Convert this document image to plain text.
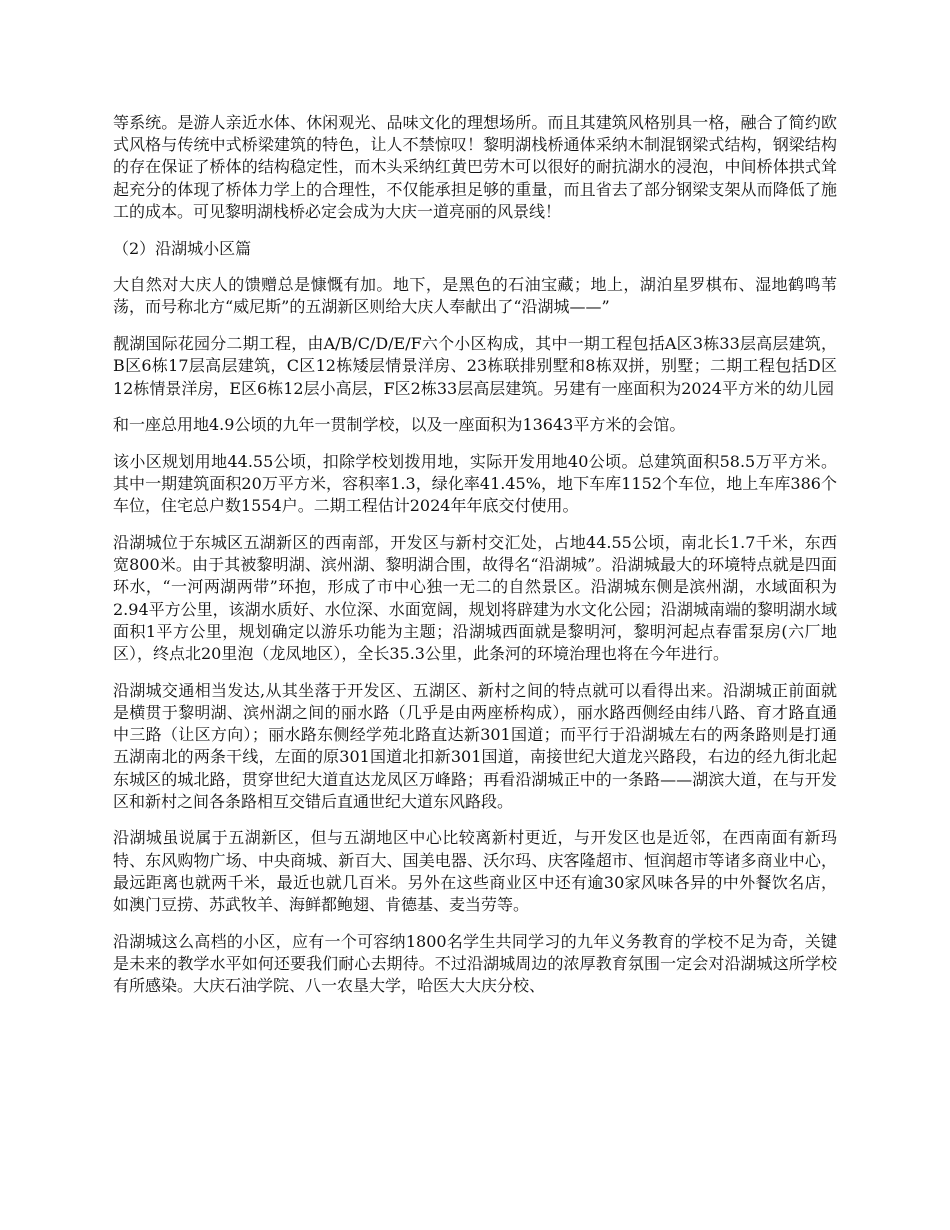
等系统。是游人亲近水体、休闲观光、品味文化的理想场所。而且其建筑风格别具一格，融合了简约欧式风格与传统中式桥梁建筑的特色，让人不禁惊叹！黎明湖栈桥通体采纳木制混钢梁式结构，钢梁结构的存在保证了桥体的结构稳定性，而木头采纳红黄巴劳木可以很好的耐抗湖水的浸泡，中间桥体拱式耸起充分的体现了桥体力学上的合理性，不仅能承担足够的重量，而且省去了部分钢梁支架从而降低了施工的成本。可见黎明湖栈桥必定会成为大庆一道亮丽的风景线！

（2）沿湖城小区篇

大自然对大庆人的馈赠总是慷慨有加。地下，是黑色的石油宝藏；地上，湖泊星罗棋布、湿地鹤鸣苇荡，而号称北方“威尼斯”的五湖新区则给大庆人奉献出了“沿湖城——”

靓湖国际花园分二期工程，由A/B/C/D/E/F六个小区构成，其中一期工程包括A区3栋33层高层建筑，B区6栋17层高层建筑，C区12栋矮层情景洋房、23栋联排别墅和8栋双拼，别墅；二期工程包括D区12栋情景洋房，E区6栋12层小高层，F区2栋33层高层建筑。另建有一座面积为2024平方米的幼儿园

和一座总用地4.9公顷的九年一贯制学校，以及一座面积为13643平方米的会馆。

该小区规划用地44.55公顷，扣除学校划拨用地，实际开发用地40公顷。总建筑面积58.5万平方米。其中一期建筑面积20万平方米，容积率1.3，绿化率41.45%，地下车库1152个车位，地上车库386个车位，住宅总户数1554户。二期工程估计2024年年底交付使用。

沿湖城位于东城区五湖新区的西南部，开发区与新村交汇处，占地44.55公顷，南北长1.7千米，东西宽800米。由于其被黎明湖、滨州湖、黎明湖合围，故得名“沿湖城”。沿湖城最大的环境特点就是四面环水，“一河两湖两带”环抱，形成了市中心独一无二的自然景区。沿湖城东侧是滨州湖，水域面积为2.94平方公里，该湖水质好、水位深、水面宽阔，规划将辟建为水文化公园；沿湖城南端的黎明湖水域面积1平方公里，规划确定以游乐功能为主题；沿湖城西面就是黎明河，黎明河起点春雷泵房(六厂地区），终点北20里泡（龙凤地区），全长35.3公里，此条河的环境治理也将在今年进行。

沿湖城交通相当发达,从其坐落于开发区、五湖区、新村之间的特点就可以看得出来。沿湖城正前面就是横贯于黎明湖、滨州湖之间的丽水路（几乎是由两座桥构成），丽水路西侧经由纬八路、育才路直通中三路（让区方向）；丽水路东侧经学苑北路直达新301国道；而平行于沿湖城左右的两条路则是打通五湖南北的两条干线，左面的原301国道北扣新301国道，南接世纪大道龙兴路段，右边的经九街北起东城区的城北路，贯穿世纪大道直达龙凤区万峰路；再看沿湖城正中的一条路——湖滨大道，在与开发区和新村之间各条路相互交错后直通世纪大道东风路段。

沿湖城虽说属于五湖新区，但与五湖地区中心比较离新村更近，与开发区也是近邻，在西南面有新玛特、东风购物广场、中央商城、新百大、国美电器、沃尔玛、庆客隆超市、恒润超市等诸多商业中心，最远距离也就两千米，最近也就几百米。另外在这些商业区中还有逾30家风味各异的中外餐饮名店，如澳门豆捞、苏武牧羊、海鲜都鲍翅、肯德基、麦当劳等。

沿湖城这么高档的小区，应有一个可容纳1800名学生共同学习的九年义务教育的学校不足为奇，关键是未来的教学水平如何还要我们耐心去期待。不过沿湖城周边的浓厚教育氛围一定会对沿湖城这所学校有所感染。大庆石油学院、八一农垦大学，哈医大大庆分校、
